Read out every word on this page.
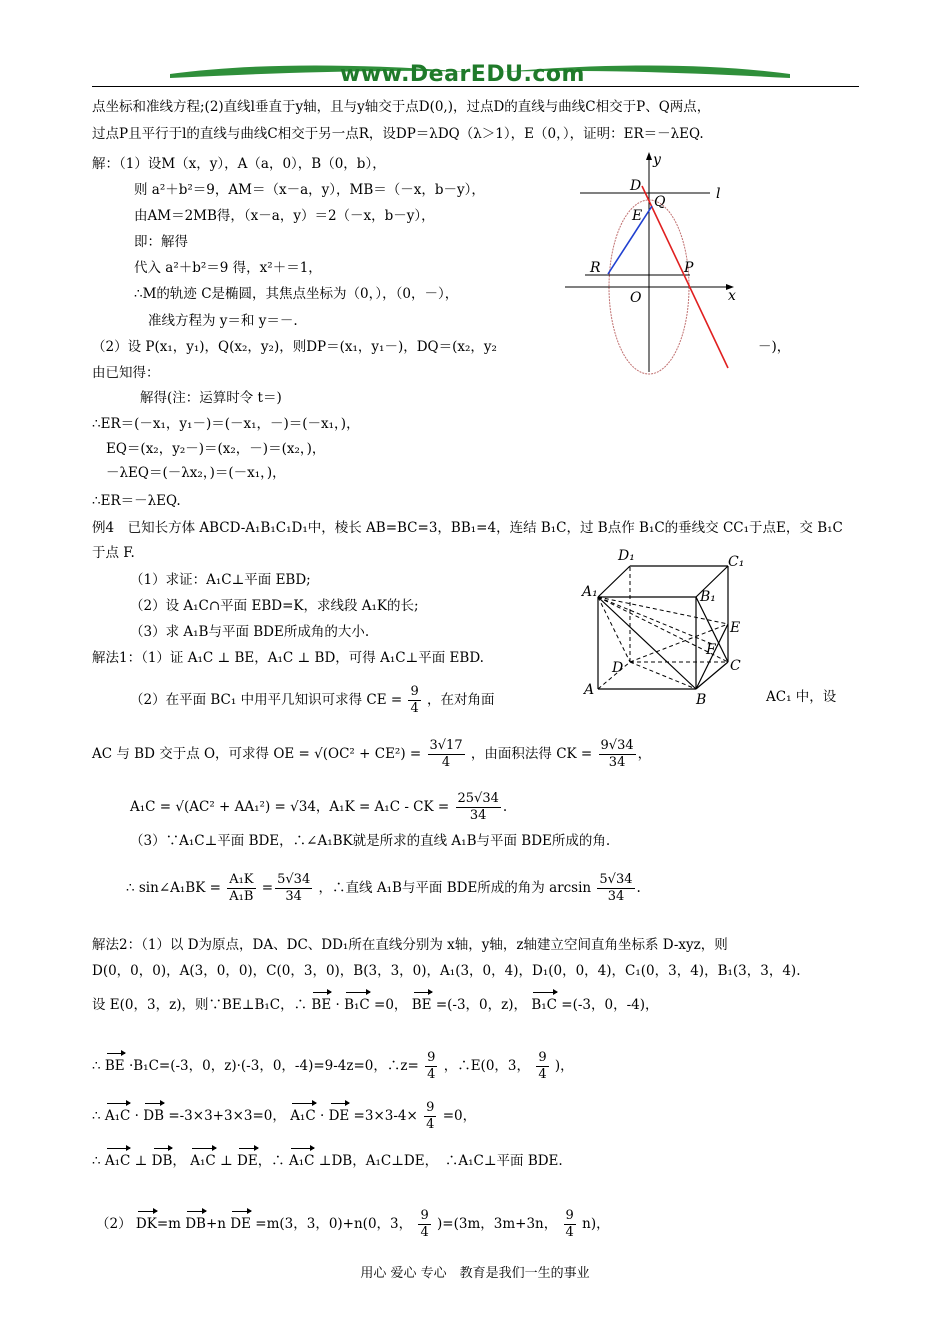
www.DearEDU.com
点坐标和准线方程;(2)直线l垂直于y轴，且与y轴交于点D(0,)，过点D的直线与曲线C相交于P、Q两点，
过点P且平行于l的直线与曲线C相交于另一点R，设DP＝λDQ（λ＞1），E（0，），证明：ER＝－λEQ.
解：（1）设M（x，y），A（a，0），B（0，b），
则 a²＋b²＝9，AM＝（x－a，y），MB＝（－x，b－y），
由AM＝2MB得，（x－a，y）＝2（－x，b－y），
即：解得
代入 a²＋b²＝9 得，x²＋＝1，
∴M的轨迹 C是椭圆，其焦点坐标为（0，），（0，－），
准线方程为 y＝和 y＝－.
（2）设 P(x₁，y₁)，Q(x₂，y₂)，则DP＝(x₁，y₁－)，DQ＝(x₂，y₂	－)，
由已知得：
解得(注：运算时令 t＝)
∴ER＝(－x₁，y₁－)＝(－x₁，－)＝(－x₁，)，
EQ＝(x₂，y₂－)＝(x₂，－)＝(x₂，)，
－λEQ＝(－λx₂，)＝(－x₁，)，
∴ER＝－λEQ.
例4　已知长方体 ABCD-A₁B₁C₁D₁中，棱长 AB=BC=3，BB₁=4，连结 B₁C，过 B点作 B₁C的垂线交 CC₁于点E，交 B₁C
于点 F.
（1）求证：A₁C⊥平面 EBD;
（2）设 A₁C∩平面 EBD=K，求线段 A₁K的长;
（3）求 A₁B与平面 BDE所成角的大小.
解法1：（1）证 A₁C ⊥ BE，A₁C ⊥ BD，可得 A₁C⊥平面 EBD.
（2）在平面 BC₁ 中用平几知识可求得 CE = $\frac{9}{4}$ ，在对角面	AC₁ 中，设
AC 与 BD 交于点 O，可求得 OE = $√(OC^2 + CE^2) = \frac{3√17}{4}$ ，由面积法得 CK = $\frac{9√34}{34}$ ，
A₁C = √(AC² + AA₁²) = √34，A₁K = A₁C - CK = $\frac{25√34}{34}$ .
（3）∵A₁C⊥平面 BDE，∴∠A₁BK就是所求的直线 A₁B与平面 BDE所成的角.
∴ sin∠A₁BK = $\frac{\text{A₁K}}{\text{A₁B}} = \frac{5√34}{34}$ ，∴直线 A₁B与平面 BDE所成的角为 $\arcsin \frac{5√34}{34}$ .
解法2：（1）以 D为原点，DA、DC、DD₁所在直线分别为 x轴，y轴，z轴建立空间直角坐标系 D-xyz，则
D(0，0，0)，A(3，0，0)，C(0，3，0)，B(3，3，0)，A₁(3，0，4)，D₁(0，0，4)，C₁(0，3，4)，B₁(3，3，4).
设 E(0，3，z)，则∵BE⊥B₁C，∴ BE · B₁C =0， BE =(-3，0，z)， B₁C =(-3，0，-4)，
∴ BE ·B₁C=(-3，0，z)·(-3，0，-4)=9-4z=0，∴z= $\frac{9}{4}$ ，∴E(0，3， $\frac{9}{4}$ )，
∴ A₁C · DB =-3×3+3×3=0， A₁C · DE $=3\times 3-4\times \frac{9}{4} =0$，
∴ A₁C ⊥ DB， A₁C ⊥ DE，∴ A₁C ⊥DB，A₁C⊥DE，　∴A₁C⊥平面 BDE.
（2） DK=m DB+n DE =m(3，3，0)+n(0，3， $\frac{9}{4} )=(3m$，3m+3n， $\frac{9}{4} n$)，
y
D
Q	l
E
R	P
O	x
D₁	C₁
A₁	B₁
E
F
D	C
A
B
用心 爱心 专心　教育是我们一生的事业
